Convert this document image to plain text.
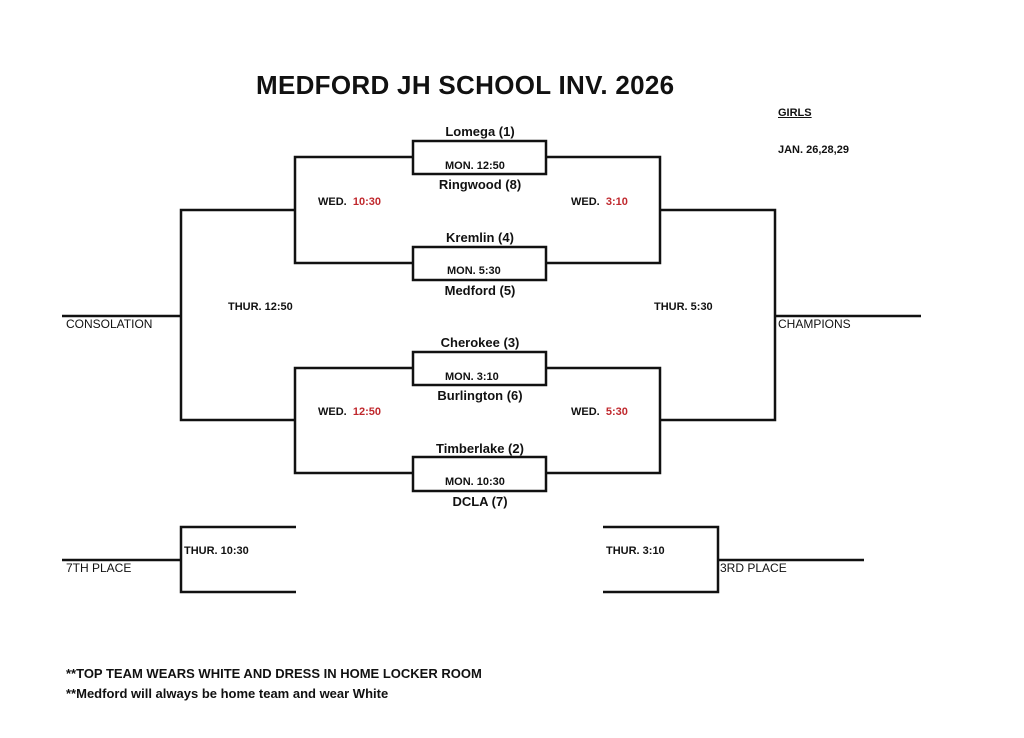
MEDFORD JH SCHOOL INV. 2026
GIRLS
JAN. 26,28,29
Lomega (1)
MON. 12:50
Ringwood (8)
Kremlin (4)
MON. 5:30
Medford (5)
Cherokee (3)
MON. 3:10
Burlington (6)
Timberlake (2)
MON. 10:30
DCLA (7)
WED. 10:30	WED. 3:10
WED. 12:50	WED. 5:30
THUR. 12:50	THUR. 5:30
THUR. 10:30	THUR. 3:10
CONSOLATION	CHAMPIONS
7TH PLACE	3RD PLACE
**TOP TEAM WEARS WHITE AND DRESS IN HOME LOCKER ROOM
**Medford will always be home team and wear White
